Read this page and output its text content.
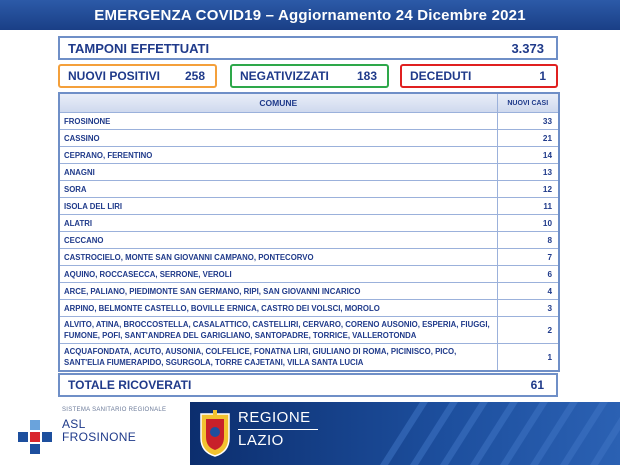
EMERGENZA COVID19 – Aggiornamento 24 Dicembre 2021
TAMPONI EFFETTUATI	3.373
NUOVI POSITIVI 258	NEGATIVIZZATI 183	DECEDUTI	1
COMUNE	NUOVI CASI
FROSINONE	33
CASSINO	21
CEPRANO, FERENTINO	14
ANAGNI	13
SORA	12
ISOLA DEL LIRI	11
ALATRI	10
CECCANO	8
CASTROCIELO, MONTE SAN GIOVANNI CAMPANO, PONTECORVO	7
AQUINO, ROCCASECCA, SERRONE, VEROLI	6
ARCE, PALIANO, PIEDIMONTE SAN GERMANO, RIPI, SAN GIOVANNI INCARICO	4
ARPINO, BELMONTE CASTELLO, BOVILLE ERNICA, CASTRO DEI VOLSCI, MOROLO	3
ALVITO, ATINA, BROCCOSTELLA, CASALATTICO, CASTELLIRI, CERVARO, CORENO AUSONIO, ESPERIA, FIUGGI, FUMONE, POFI, SANT'ANDREA DEL GARIGLIANO, SANTOPADRE, TORRICE, VALLEROTONDA	2
ACQUAFONDATA, ACUTO, AUSONIA, COLFELICE, FONATNA LIRI, GIULIANO DI ROMA, PICINISCO, PICO, SANT'ELIA FIUMERAPIDO, SGURGOLA, TORRE CAJETANI, VILLA SANTA LUCIA	1
TOTALE RICOVERATI	61
SISTEMA SANITARIO REGIONALE
ASL
FROSINONE
REGIONE
LAZIO
